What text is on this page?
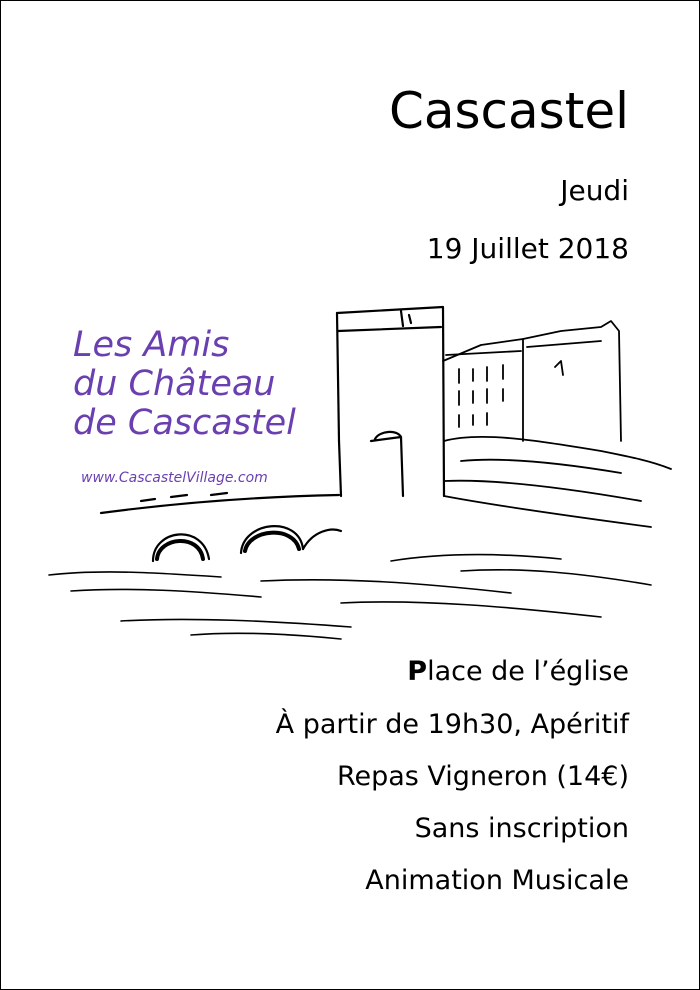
Cascastel
Jeudi
19 Juillet 2018
Les Amis
du Château
de Cascastel
www.CascastelVillage.com
Place de l’église
À partir de 19h30, Apéritif
Repas Vigneron (14€)
Sans inscription
Animation Musicale
